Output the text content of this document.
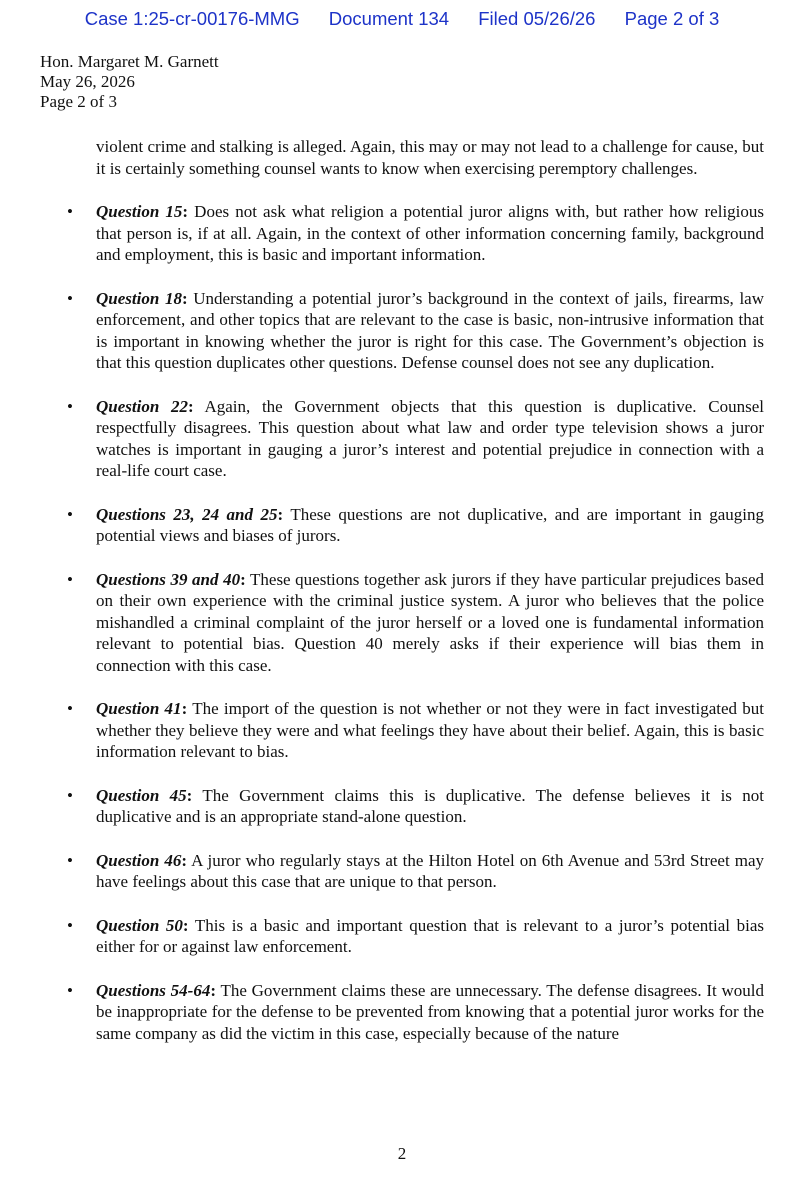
Case 1:25-cr-00176-MMG Document 134 Filed 05/26/26 Page 2 of 3
Hon. Margaret M. Garnett
May 26, 2026
Page 2 of 3

violent crime and stalking is alleged. Again, this may or may not lead to a challenge for cause, but it is certainly something counsel wants to know when exercising peremptory challenges.

• Question 15: Does not ask what religion a potential juror aligns with, but rather how religious that person is, if at all. Again, in the context of other information concerning family, background and employment, this is basic and important information.
• Question 18: Understanding a potential juror’s background in the context of jails, firearms, law enforcement, and other topics that are relevant to the case is basic, non-intrusive information that is important in knowing whether the juror is right for this case. The Government’s objection is that this question duplicates other questions. Defense counsel does not see any duplication.
• Question 22: Again, the Government objects that this question is duplicative. Counsel respectfully disagrees. This question about what law and order type television shows a juror watches is important in gauging a juror’s interest and potential prejudice in connection with a real-life court case.
• Questions 23, 24 and 25: These questions are not duplicative, and are important in gauging potential views and biases of jurors.
• Questions 39 and 40: These questions together ask jurors if they have particular prejudices based on their own experience with the criminal justice system. A juror who believes that the police mishandled a criminal complaint of the juror herself or a loved one is fundamental information relevant to potential bias. Question 40 merely asks if their experience will bias them in connection with this case.
• Question 41: The import of the question is not whether or not they were in fact investigated but whether they believe they were and what feelings they have about their belief. Again, this is basic information relevant to bias.
• Question 45: The Government claims this is duplicative. The defense believes it is not duplicative and is an appropriate stand-alone question.
• Question 46: A juror who regularly stays at the Hilton Hotel on 6th Avenue and 53rd Street may have feelings about this case that are unique to that person.
• Question 50: This is a basic and important question that is relevant to a juror’s potential bias either for or against law enforcement.
• Questions 54-64: The Government claims these are unnecessary. The defense disagrees. It would be inappropriate for the defense to be prevented from knowing that a potential juror works for the same company as did the victim in this case, especially because of the nature
2
